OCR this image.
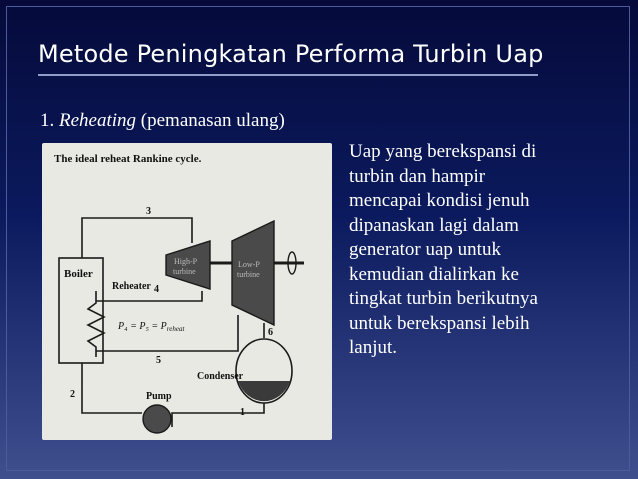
Metode Peningkatan Performa Turbin Uap
1. Reheating (pemanasan ulang)
The ideal reheat Rankine cycle.
Boiler
Reheater
High-P
turbine
Low-P
turbine
Condenser
Pump
$P_4 = P_5 = P_{reheat}$
1
2
3
4
5
6
Uap yang berekspansi di
turbin dan hampir
mencapai kondisi jenuh
dipanaskan lagi dalam
generator uap untuk
kemudian dialirkan ke
tingkat turbin berikutnya
untuk berekspansi lebih
lanjut.
